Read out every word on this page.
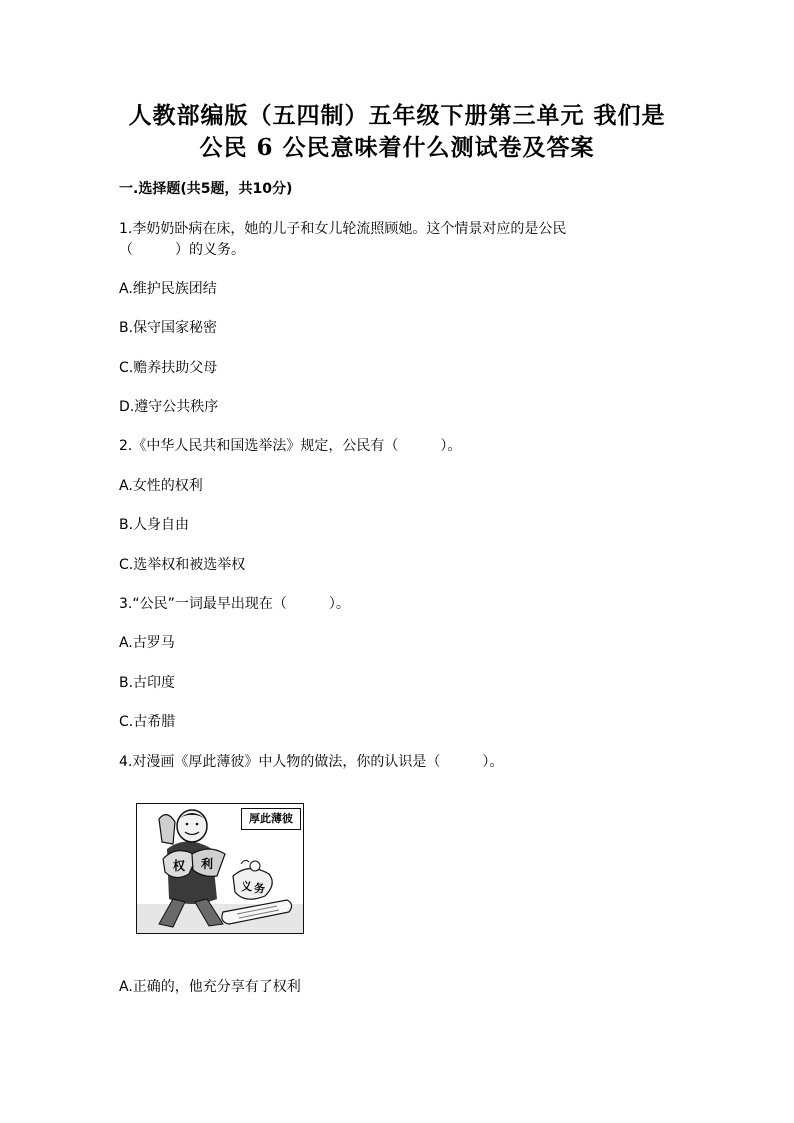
人教部编版（五四制）五年级下册第三单元 我们是
公民 6 公民意味着什么测试卷及答案
一.选择题(共5题，共10分)
1.李奶奶卧病在床，她的儿子和女儿轮流照顾她。这个情景对应的是公民
（　　　）的义务。
A.维护民族团结
B.保守国家秘密
C.赡养扶助父母
D.遵守公共秩序
2.《中华人民共和国选举法》规定，公民有（　　　）。
A.女性的权利
B.人身自由
C.选举权和被选举权
3.“公民”一词最早出现在（　　　）。
A.古罗马
B.古印度
C.古希腊
4.对漫画《厚此薄彼》中人物的做法，你的认识是（　　　）。
权 利
义 务
厚此薄彼
A.正确的，他充分享有了权利
